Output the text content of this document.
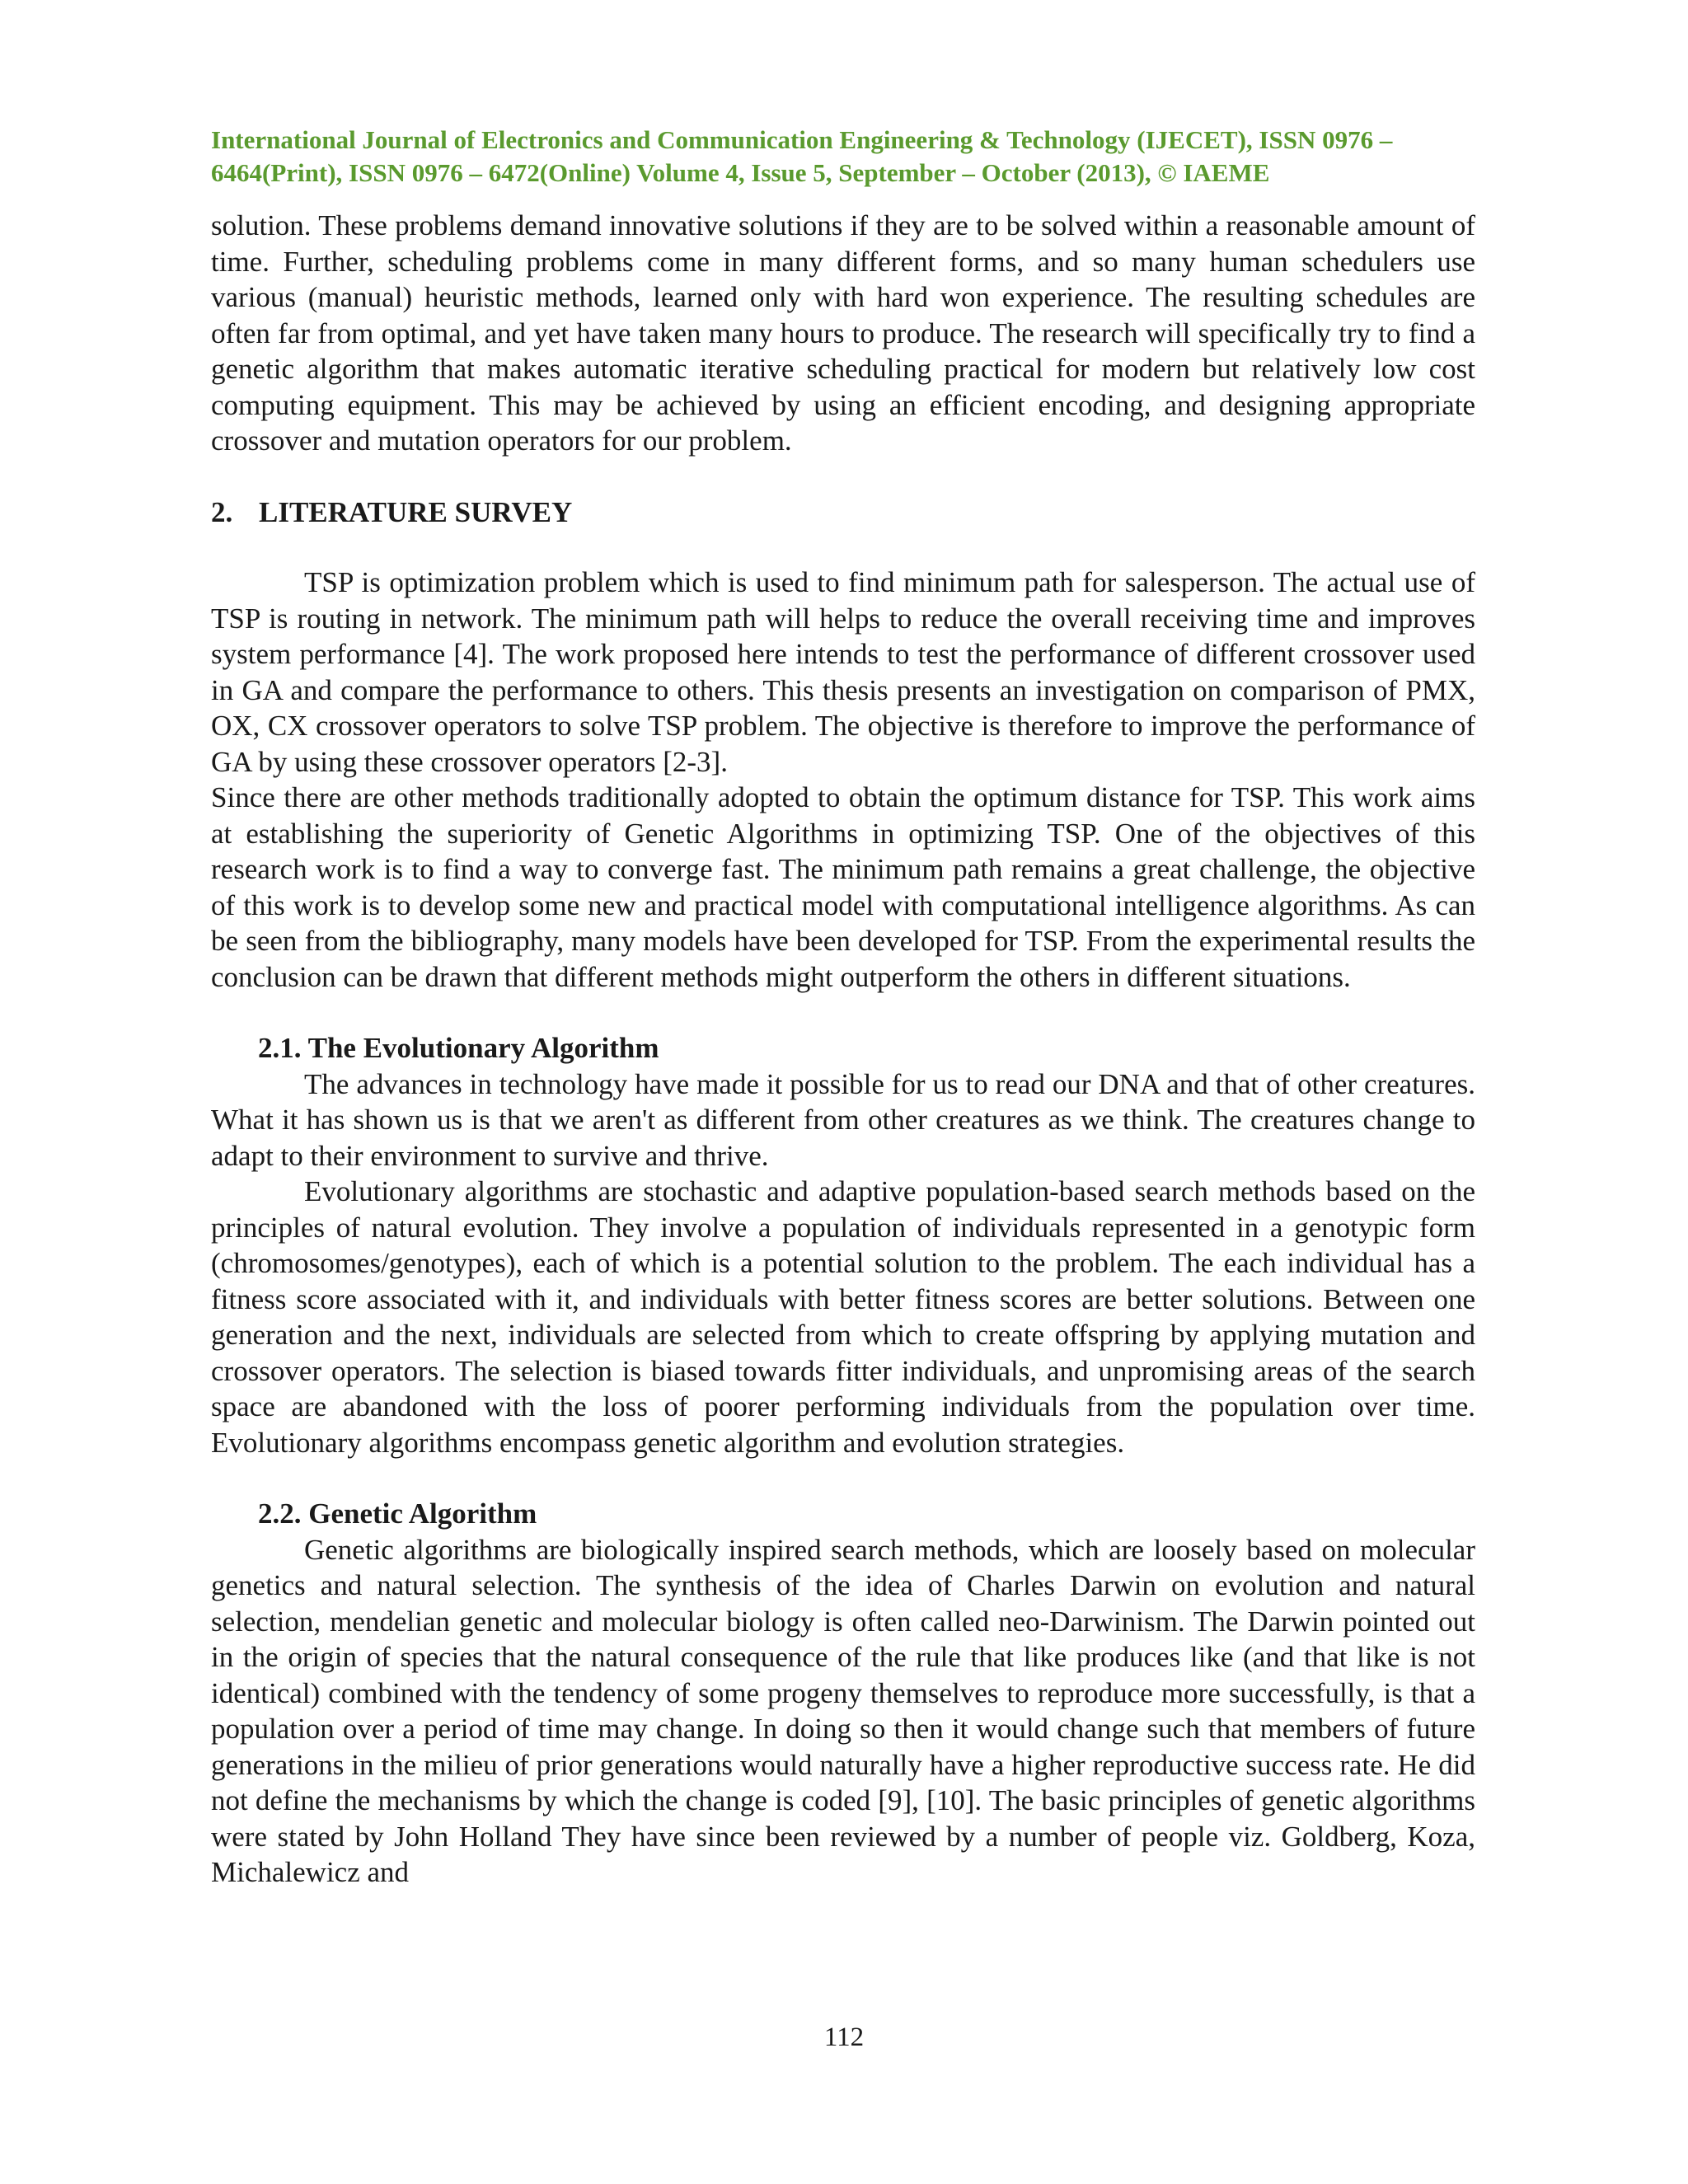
International Journal of Electronics and Communication Engineering & Technology (IJECET), ISSN 0976 –
6464(Print), ISSN 0976 – 6472(Online) Volume 4, Issue 5, September – October (2013), © IAEME

solution. These problems demand innovative solutions if they are to be solved within a reasonable amount of time. Further, scheduling problems come in many different forms, and so many human schedulers use various (manual) heuristic methods, learned only with hard won experience. The resulting schedules are often far from optimal, and yet have taken many hours to produce. The research will specifically try to find a genetic algorithm that makes automatic iterative scheduling practical for modern but relatively low cost computing equipment. This may be achieved by using an efficient encoding, and designing appropriate crossover and mutation operators for our problem.

2. LITERATURE SURVEY

TSP is optimization problem which is used to find minimum path for salesperson. The actual use of TSP is routing in network. The minimum path will helps to reduce the overall receiving time and improves system performance [4]. The work proposed here intends to test the performance of different crossover used in GA and compare the performance to others. This thesis presents an investigation on comparison of PMX, OX, CX crossover operators to solve TSP problem. The objective is therefore to improve the performance of GA by using these crossover operators [2-3].

Since there are other methods traditionally adopted to obtain the optimum distance for TSP. This work aims at establishing the superiority of Genetic Algorithms in optimizing TSP. One of the objectives of this research work is to find a way to converge fast. The minimum path remains a great challenge, the objective of this work is to develop some new and practical model with computational intelligence algorithms. As can be seen from the bibliography, many models have been developed for TSP. From the experimental results the conclusion can be drawn that different methods might outperform the others in different situations.

2.1. The Evolutionary Algorithm

The advances in technology have made it possible for us to read our DNA and that of other creatures. What it has shown us is that we aren't as different from other creatures as we think. The creatures change to adapt to their environment to survive and thrive.

Evolutionary algorithms are stochastic and adaptive population-based search methods based on the principles of natural evolution. They involve a population of individuals represented in a genotypic form (chromosomes/genotypes), each of which is a potential solution to the problem. The each individual has a fitness score associated with it, and individuals with better fitness scores are better solutions. Between one generation and the next, individuals are selected from which to create offspring by applying mutation and crossover operators. The selection is biased towards fitter individuals, and unpromising areas of the search space are abandoned with the loss of poorer performing individuals from the population over time. Evolutionary algorithms encompass genetic algorithm and evolution strategies.

2.2. Genetic Algorithm

Genetic algorithms are biologically inspired search methods, which are loosely based on molecular genetics and natural selection. The synthesis of the idea of Charles Darwin on evolution and natural selection, mendelian genetic and molecular biology is often called neo-Darwinism. The Darwin pointed out in the origin of species that the natural consequence of the rule that like produces like (and that like is not identical) combined with the tendency of some progeny themselves to reproduce more successfully, is that a population over a period of time may change. In doing so then it would change such that members of future generations in the milieu of prior generations would naturally have a higher reproductive success rate. He did not define the mechanisms by which the change is coded [9], [10]. The basic principles of genetic algorithms were stated by John Holland They have since been reviewed by a number of people viz. Goldberg, Koza, Michalewicz and

112
